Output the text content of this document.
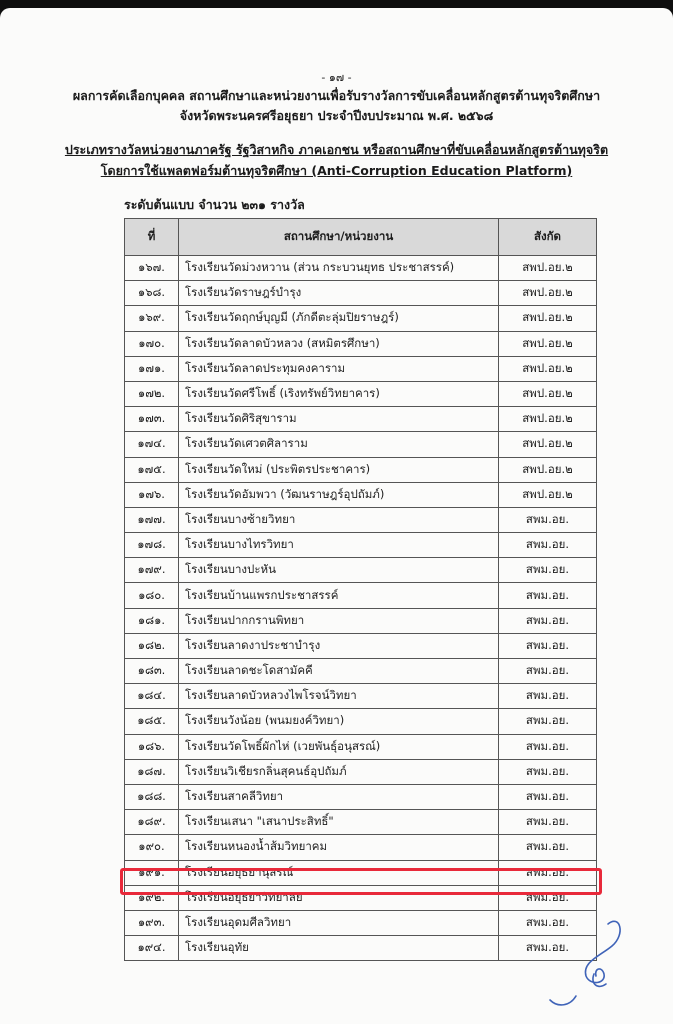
- ๑๗ -
ผลการคัดเลือกบุคคล สถานศึกษาและหน่วยงานเพื่อรับรางวัลการขับเคลื่อนหลักสูตรต้านทุจริตศึกษา
จังหวัดพระนครศรีอยุธยา ประจำปีงบประมาณ พ.ศ. ๒๕๖๘
ประเภทรางวัลหน่วยงานภาครัฐ รัฐวิสาหกิจ ภาคเอกชน หรือสถานศึกษาที่ขับเคลื่อนหลักสูตรต้านทุจริต
โดยการใช้แพลตฟอร์มต้านทุจริตศึกษา (Anti-Corruption Education Platform)
ระดับต้นแบบ จำนวน ๒๓๑ รางวัล
ที่	สถานศึกษา/หน่วยงาน	สังกัด
๑๖๗.	โรงเรียนวัดม่วงหวาน (ส่วน กระบวนยุทธ ประชาสรรค์)	สพป.อย.๒
๑๖๘.	โรงเรียนวัดราษฎร์บำรุง	สพป.อย.๒
๑๖๙.	โรงเรียนวัดฤกษ์บุญมี (ภักดีตะลุ่มปิยราษฎร์)	สพป.อย.๒
๑๗๐.	โรงเรียนวัดลาดบัวหลวง (สหมิตรศึกษา)	สพป.อย.๒
๑๗๑.	โรงเรียนวัดลาดประทุมคงคาราม	สพป.อย.๒
๑๗๒.	โรงเรียนวัดศรีโพธิ์ (เริงทรัพย์วิทยาคาร)	สพป.อย.๒
๑๗๓.	โรงเรียนวัดศิริสุขาราม	สพป.อย.๒
๑๗๔.	โรงเรียนวัดเศวตศิลาราม	สพป.อย.๒
๑๗๕.	โรงเรียนวัดใหม่ (ประพิตรประชาคาร)	สพป.อย.๒
๑๗๖.	โรงเรียนวัดอัมพวา (วัฒนราษฎร์อุปถัมภ์)	สพป.อย.๒
๑๗๗.	โรงเรียนบางซ้ายวิทยา	สพม.อย.
๑๗๘.	โรงเรียนบางไทรวิทยา	สพม.อย.
๑๗๙.	โรงเรียนบางปะหัน	สพม.อย.
๑๘๐.	โรงเรียนบ้านแพรกประชาสรรค์	สพม.อย.
๑๘๑.	โรงเรียนปากกรานพิทยา	สพม.อย.
๑๘๒.	โรงเรียนลาดงาประชาบำรุง	สพม.อย.
๑๘๓.	โรงเรียนลาดชะโดสามัคคี	สพม.อย.
๑๘๔.	โรงเรียนลาดบัวหลวงไพโรจน์วิทยา	สพม.อย.
๑๘๕.	โรงเรียนวังน้อย (พนมยงค์วิทยา)	สพม.อย.
๑๘๖.	โรงเรียนวัดโพธิ์ผักไห่ (เวยพันธุ์อนุสรณ์)	สพม.อย.
๑๘๗.	โรงเรียนวิเชียรกลิ่นสุคนธ์อุปถัมภ์	สพม.อย.
๑๘๘.	โรงเรียนสาคลีวิทยา	สพม.อย.
๑๘๙.	โรงเรียนเสนา "เสนาประสิทธิ์"	สพม.อย.
๑๙๐.	โรงเรียนหนองน้ำส้มวิทยาคม	สพม.อย.
๑๙๑.	โรงเรียนอยุธยานุสรณ์	สพม.อย.
๑๙๒.	โรงเรียนอยุธยาวิทยาลัย	สพม.อย.
๑๙๓.	โรงเรียนอุดมศีลวิทยา	สพม.อย.
๑๙๔.	โรงเรียนอุทัย	สพม.อย.
